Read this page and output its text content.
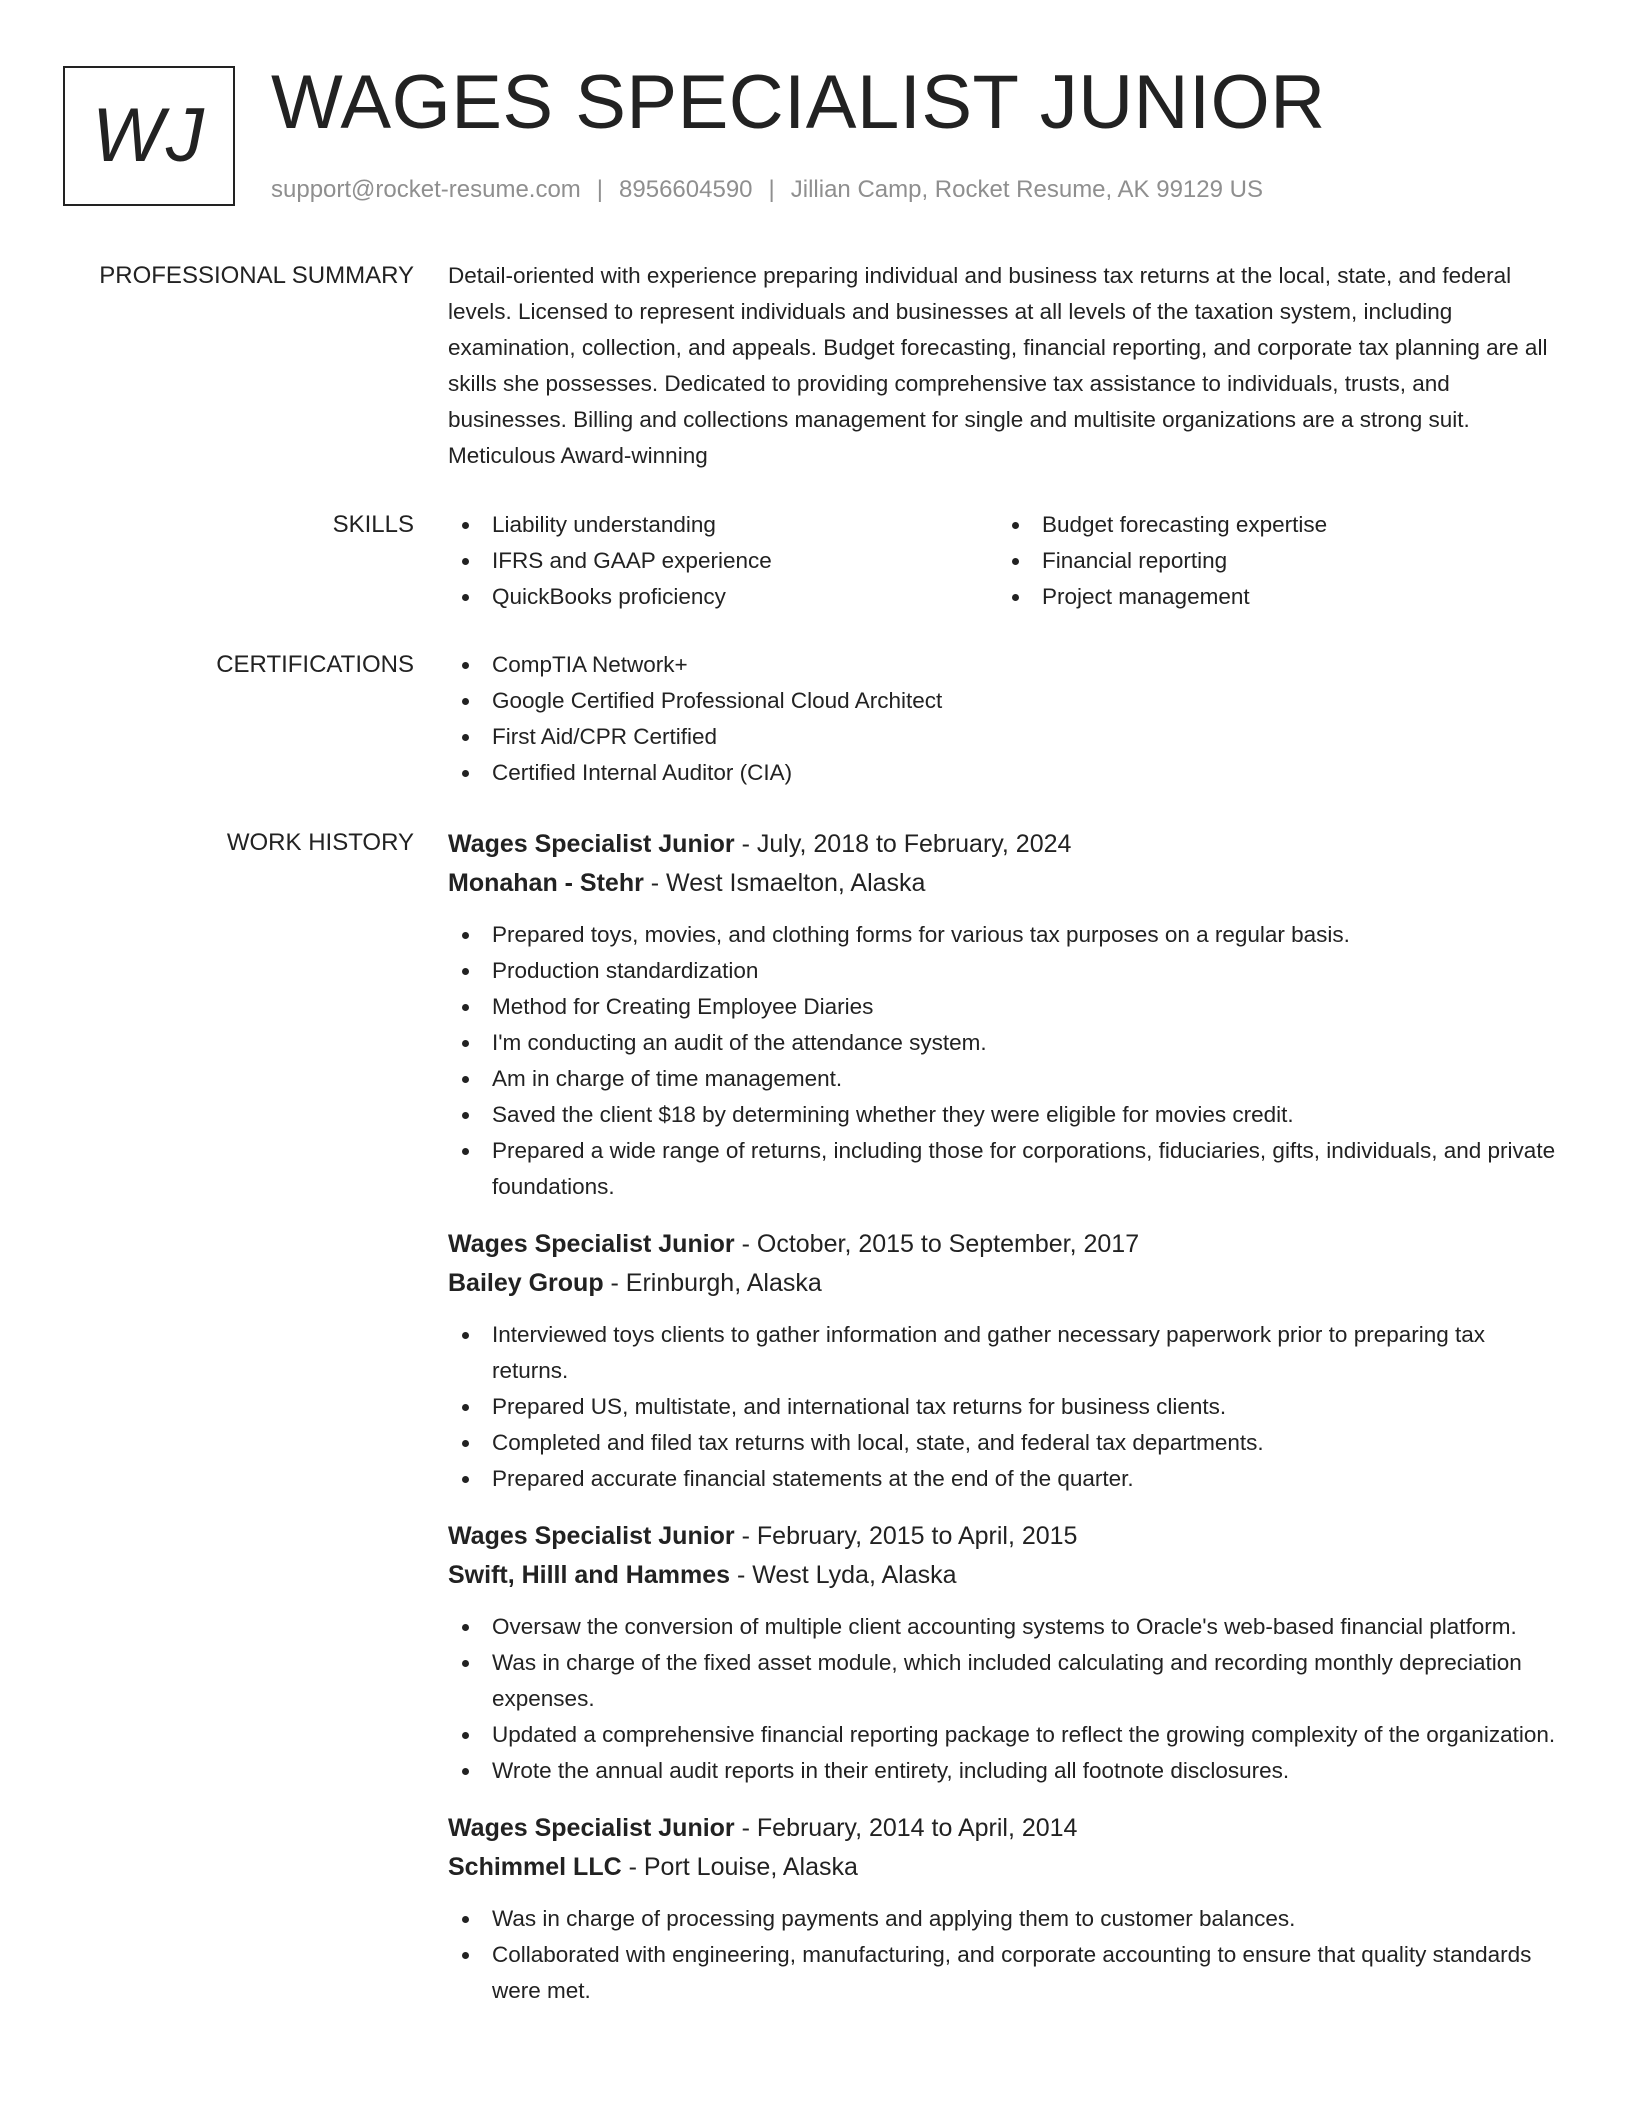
WJ WAGES SPECIALIST JUNIOR
support@rocket-resume.com | 8956604590 | Jillian Camp, Rocket Resume, AK 99129 US
PROFESSIONAL SUMMARY Detail-oriented with experience preparing individual and business tax returns at the local, state, and federal levels. Licensed to represent individuals and businesses at all levels of the taxation system, including examination, collection, and appeals. Budget forecasting, financial reporting, and corporate tax planning are all skills she possesses. Dedicated to providing comprehensive tax assistance to individuals, trusts, and businesses. Billing and collections management for single and multisite organizations are a strong suit. Meticulous Award-winning

SKILLS	Liability understanding
IFRS and GAAP experience
QuickBooks proficiency
Budget forecasting expertise
Financial reporting
Project management
CERTIFICATIONS	CompTIA Network+
Google Certified Professional Cloud Architect
First Aid/CPR Certified
Certified Internal Auditor (CIA)
WORK HISTORY Wages Specialist Junior - July, 2018 to February, 2024
Monahan - Stehr - West Ismaelton, Alaska
Prepared toys, movies, and clothing forms for various tax purposes on a regular basis.
Production standardization
Method for Creating Employee Diaries
I'm conducting an audit of the attendance system.
Am in charge of time management.
Saved the client $18 by determining whether they were eligible for movies credit.
Prepared a wide range of returns, including those for corporations, fiduciaries, gifts, individuals, and private foundations.
Wages Specialist Junior - October, 2015 to September, 2017
Bailey Group - Erinburgh, Alaska
Interviewed toys clients to gather information and gather necessary paperwork prior to preparing tax returns.
Prepared US, multistate, and international tax returns for business clients.
Completed and filed tax returns with local, state, and federal tax departments.
Prepared accurate financial statements at the end of the quarter.
Wages Specialist Junior - February, 2015 to April, 2015
Swift, Hilll and Hammes - West Lyda, Alaska
Oversaw the conversion of multiple client accounting systems to Oracle's web-based financial platform.
Was in charge of the fixed asset module, which included calculating and recording monthly depreciation expenses.
Updated a comprehensive financial reporting package to reflect the growing complexity of the organization.
Wrote the annual audit reports in their entirety, including all footnote disclosures.
Wages Specialist Junior - February, 2014 to April, 2014
Schimmel LLC - Port Louise, Alaska
Was in charge of processing payments and applying them to customer balances.
Collaborated with engineering, manufacturing, and corporate accounting to ensure that quality standards were met.
